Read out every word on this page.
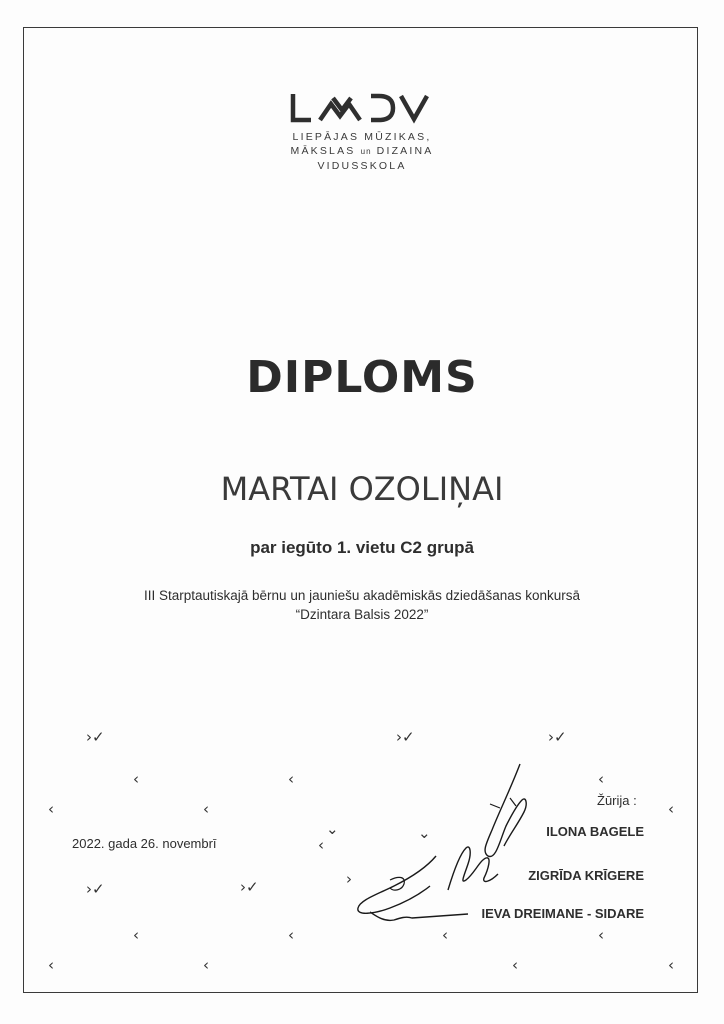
LIEPĀJAS MŪZIKAS,
MĀKSLAS un DIZAINA
VIDUSSKOLA
DIPLOMS
MARTAI OZOLIŅAI
par iegūto 1. vietu C2 grupā
III Starptautiskajā bērnu un jauniešu akadēmiskās dziedāšanas konkursā
“Dzintara Balsis 2022”
›✓	›✓	›✓
‹	‹	‹
‹	‹	‹
⌄	⌄
‹
›✓	›✓	›
‹	‹	‹	‹
‹	‹	‹	‹
2022. gada 26. novembrī
Žūrija :
ILONA BAGELE
ZIGRĪDA KRĪGERE
IEVA DREIMANE - SIDARE
